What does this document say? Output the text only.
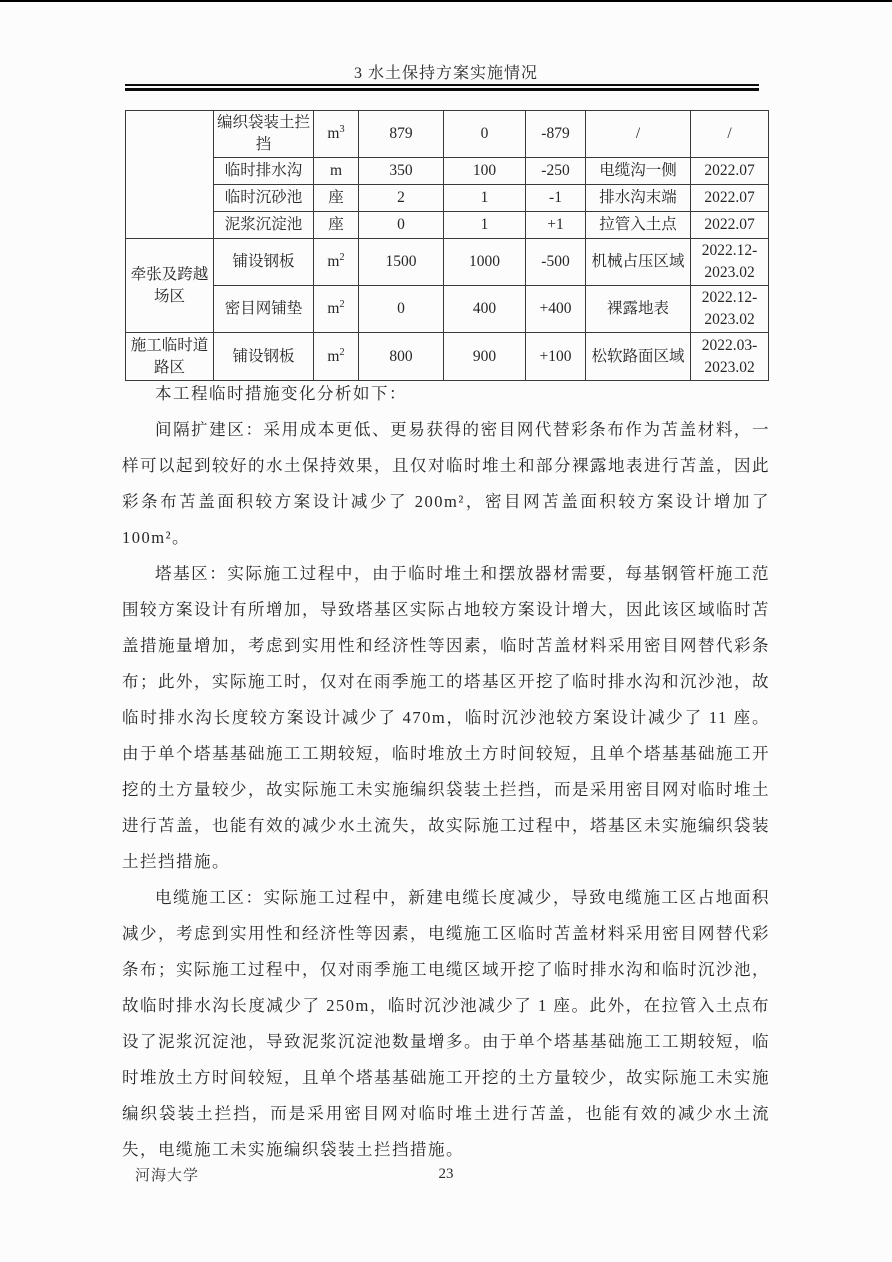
3 水土保持方案实施情况
	编织袋装土拦挡	$m^3$	879	0	-879	/	/
	临时排水沟	m	350	100	-250	电缆沟一侧	2022.07
	临时沉砂池	座	2	1	-1	排水沟末端	2022.07
	泥浆沉淀池	座	0	1	+1	拉管入土点	2022.07
牵张及跨越场区	铺设钢板	$m^2$	1500	1000	-500	机械占压区域	2022.12-2023.02
	密目网铺垫	$m^2$	0	400	+400	裸露地表	2022.12-2023.02
施工临时道路区	铺设钢板	$m^2$	800	900	+100	松软路面区域	2022.03-2023.02

本工程临时措施变化分析如下：

间隔扩建区：采用成本更低、更易获得的密目网代替彩条布作为苫盖材料，一样可以起到较好的水土保持效果，且仅对临时堆土和部分裸露地表进行苫盖，因此彩条布苫盖面积较方案设计减少了 200m²，密目网苫盖面积较方案设计增加了 100m²。

塔基区：实际施工过程中，由于临时堆土和摆放器材需要，每基钢管杆施工范围较方案设计有所增加，导致塔基区实际占地较方案设计增大，因此该区域临时苫盖措施量增加，考虑到实用性和经济性等因素，临时苫盖材料采用密目网替代彩条布；此外，实际施工时，仅对在雨季施工的塔基区开挖了临时排水沟和沉沙池，故临时排水沟长度较方案设计减少了 470m，临时沉沙池较方案设计减少了 11 座。由于单个塔基基础施工工期较短，临时堆放土方时间较短，且单个塔基基础施工开挖的土方量较少，故实际施工未实施编织袋装土拦挡，而是采用密目网对临时堆土进行苫盖，也能有效的减少水土流失，故实际施工过程中，塔基区未实施编织袋装土拦挡措施。

电缆施工区：实际施工过程中，新建电缆长度减少，导致电缆施工区占地面积减少，考虑到实用性和经济性等因素，电缆施工区临时苫盖材料采用密目网替代彩条布；实际施工过程中，仅对雨季施工电缆区域开挖了临时排水沟和临时沉沙池，故临时排水沟长度减少了 250m，临时沉沙池减少了 1 座。此外，在拉管入土点布设了泥浆沉淀池，导致泥浆沉淀池数量增多。由于单个塔基基础施工工期较短，临时堆放土方时间较短，且单个塔基基础施工开挖的土方量较少，故实际施工未实施编织袋装土拦挡，而是采用密目网对临时堆土进行苫盖，也能有效的减少水土流失，电缆施工未实施编织袋装土拦挡措施。

河海大学	23
